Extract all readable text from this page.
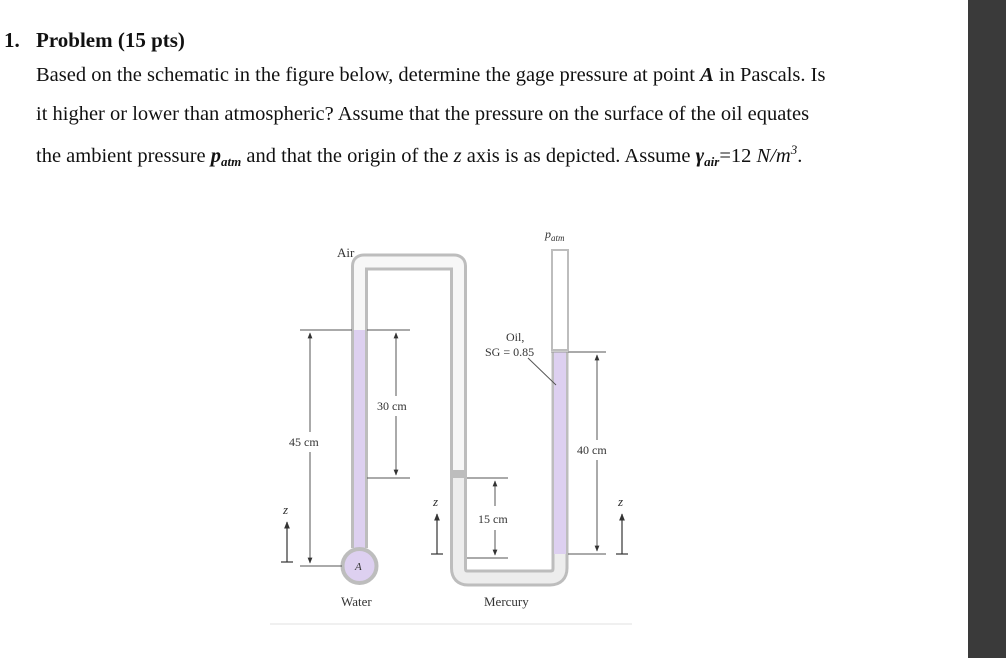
1. Problem (15 pts)
Based on the schematic in the figure below, determine the gage pressure at point A in Pascals. Is
it higher or lower than atmospheric? Assume that the pressure on the surface of the oil equates
the ambient pressure $p_{atm}$ and that the origin of the z axis is as depicted. Assume $\gamma_{air}=12$ $N/m^3$.
Air
$p_{atm}$
Oil,
SG = 0.85
45 cm
30 cm
15 cm
40 cm
z
z	z
A
Water	Mercury
